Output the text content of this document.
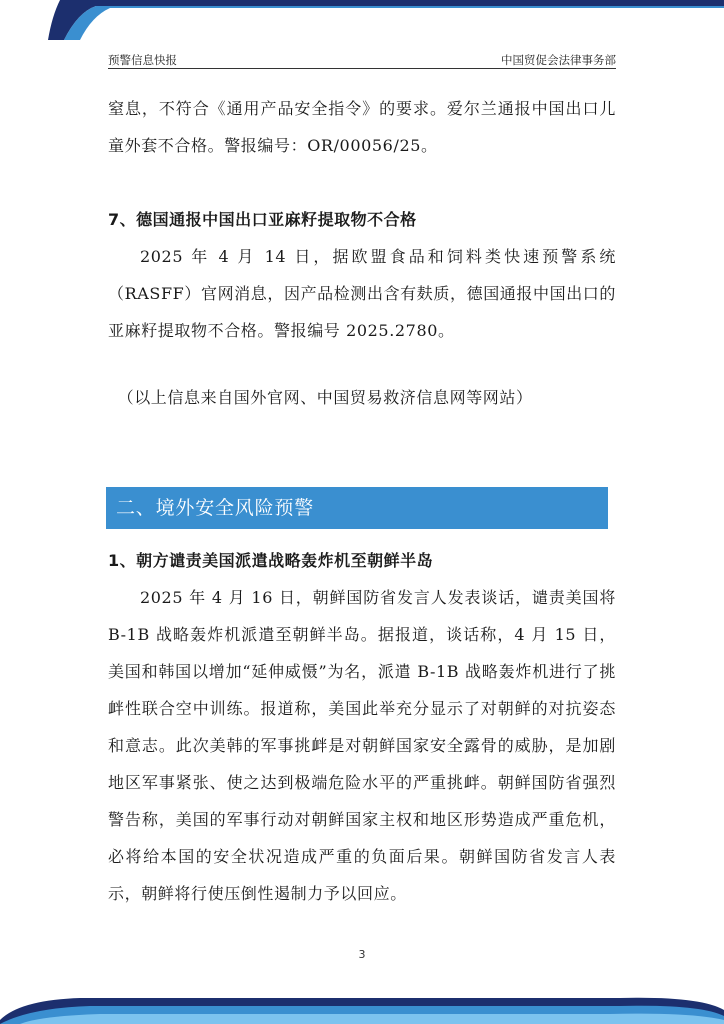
预警信息快报	中国贸促会法律事务部

窒息，不符合《通用产品安全指令》的要求。爱尔兰通报中国出口儿童外套不合格。警报编号：OR/00056/25。

7、德国通报中国出口亚麻籽提取物不合格

2025 年 4 月 14 日，据欧盟食品和饲料类快速预警系统（RASFF）官网消息，因产品检测出含有麸质，德国通报中国出口的亚麻籽提取物不合格。警报编号 2025.2780。

（以上信息来自国外官网、中国贸易救济信息网等网站）

二、境外安全风险预警
1、朝方谴责美国派遣战略轰炸机至朝鲜半岛

2025 年 4 月 16 日，朝鲜国防省发言人发表谈话，谴责美国将 B-1B 战略轰炸机派遣至朝鲜半岛。据报道，谈话称，4 月 15 日，美国和韩国以增加“延伸威慑”为名，派遣 B-1B 战略轰炸机进行了挑衅性联合空中训练。报道称，美国此举充分显示了对朝鲜的对抗姿态和意志。此次美韩的军事挑衅是对朝鲜国家安全露骨的威胁，是加剧地区军事紧张、使之达到极端危险水平的严重挑衅。朝鲜国防省强烈警告称，美国的军事行动对朝鲜国家主权和地区形势造成严重危机，必将给本国的安全状况造成严重的负面后果。朝鲜国防省发言人表示，朝鲜将行使压倒性遏制力予以回应。

3
